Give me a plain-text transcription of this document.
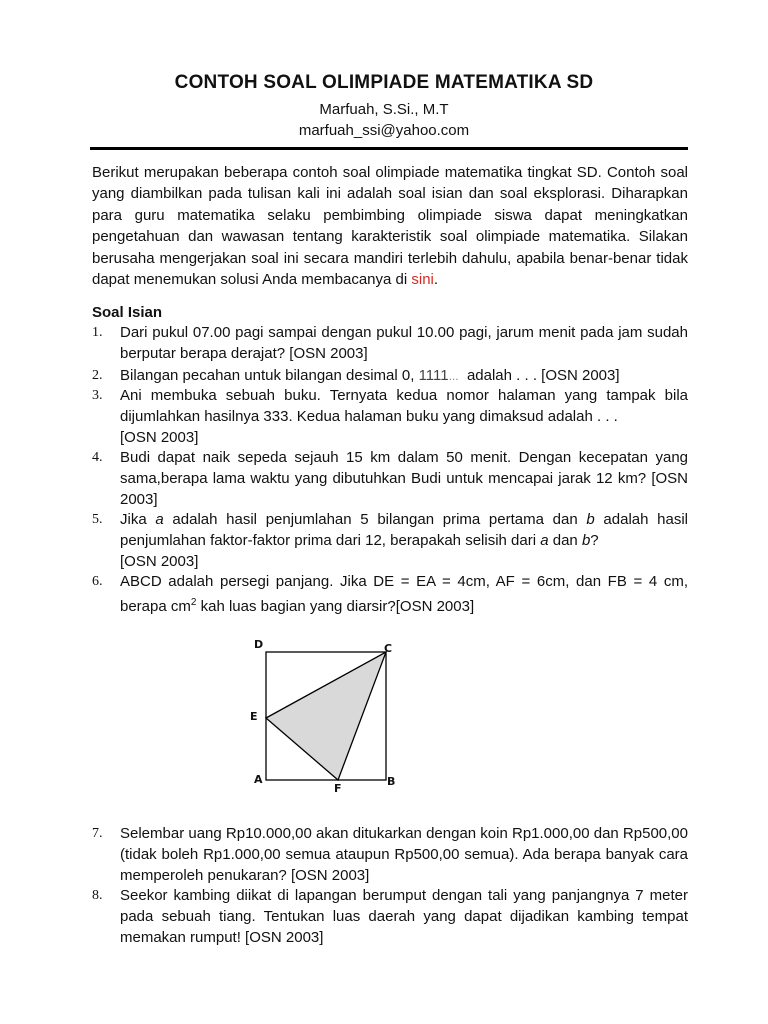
CONTOH SOAL OLIMPIADE MATEMATIKA SD
Marfuah, S.Si., M.T
marfuah_ssi@yahoo.com
Berikut merupakan beberapa contoh soal olimpiade matematika tingkat SD. Contoh soal yang diambilkan pada tulisan kali ini adalah soal isian dan soal eksplorasi. Diharapkan para guru matematika selaku pembimbing olimpiade siswa dapat meningkatkan pengetahuan dan wawasan tentang karakteristik soal olimpiade matematika. Silakan berusaha mengerjakan soal ini secara mandiri terlebih dahulu, apabila benar-benar tidak dapat menemukan solusi Anda membacanya di sini.
Soal Isian
1.	Dari pukul 07.00 pagi sampai dengan pukul 10.00 pagi, jarum menit pada jam sudah berputar berapa derajat? [OSN 2003]
2.	Bilangan pecahan untuk bilangan desimal 0, 1111...  adalah . . . [OSN 2003]
3.	Ani membuka sebuah buku. Ternyata kedua nomor halaman yang tampak bila dijumlahkan hasilnya 333. Kedua halaman buku yang dimaksud adalah . . .
[OSN 2003]
4.	Budi dapat naik sepeda sejauh 15 km dalam 50 menit. Dengan kecepatan yang sama,berapa lama waktu yang dibutuhkan Budi untuk mencapai jarak 12 km? [OSN 2003]
5.	Jika a adalah hasil penjumlahan 5 bilangan prima pertama dan b adalah hasil penjumlahan faktor-faktor prima dari 12, berapakah selisih dari a dan b?
[OSN 2003]
6.	ABCD adalah persegi panjang. Jika DE = EA = 4cm, AF = 6cm, dan FB = 4 cm, berapa $cm^2$ kah luas bagian yang diarsir?[OSN 2003]
D	C
E
A
F
B
7.	Selembar uang Rp10.000,00 akan ditukarkan dengan koin Rp1.000,00 dan Rp500,00 (tidak boleh Rp1.000,00 semua ataupun Rp500,00 semua). Ada berapa banyak cara memperoleh penukaran? [OSN 2003]
8.	Seekor kambing diikat di lapangan berumput dengan tali yang panjangnya 7 meter pada sebuah tiang. Tentukan luas daerah yang dapat dijadikan kambing tempat memakan rumput! [OSN 2003]
